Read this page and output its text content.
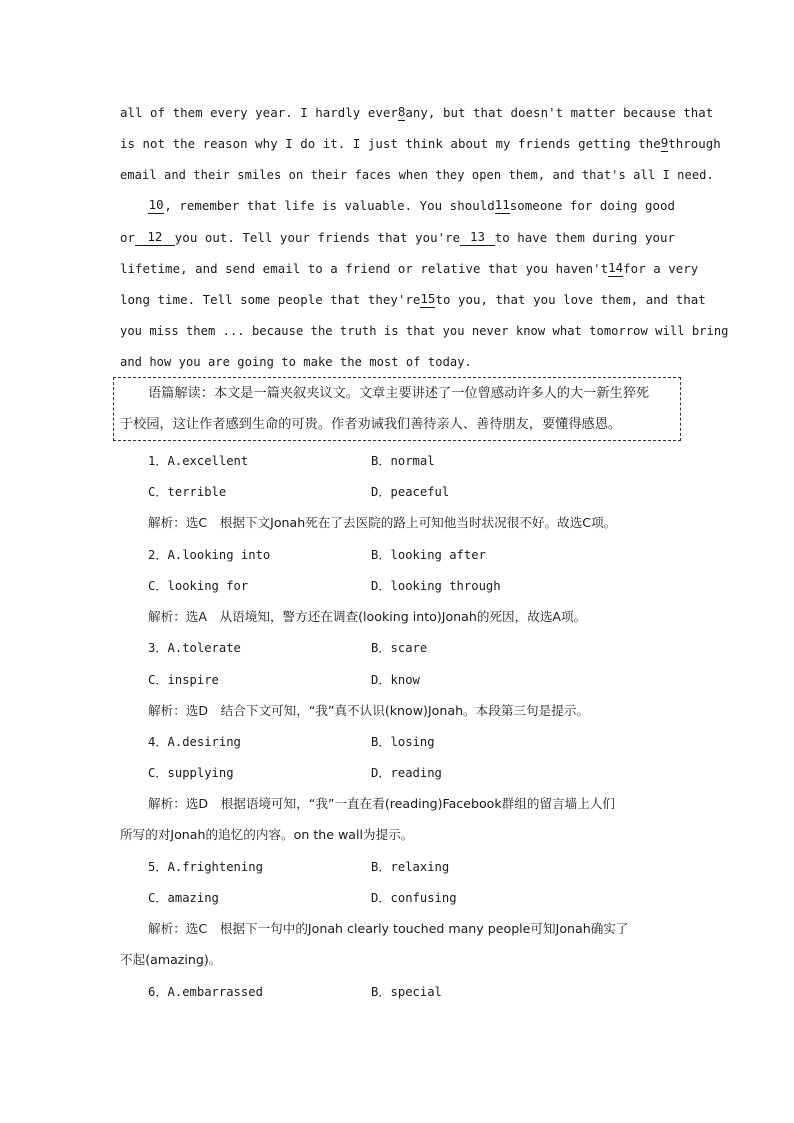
all of them every year. I hardly ever 8 any, but that doesn't matter because that
is not the reason why I do it. I just think about my friends getting the 9 through
email and their smiles on their faces when they open them, and that's all I need.
10 , remember that life is valuable. You should 11 someone for doing good
or 12 you out. Tell your friends that you're 13 to have them during your
lifetime, and send email to a friend or relative that you haven't 14 for a very
long time. Tell some people that they're 15 to you, that you love them, and that
you miss them ... because the truth is that you never know what tomorrow will bring
and how you are going to make the most of today.
语篇解读：本文是一篇夹叙夹议文。文章主要讲述了一位曾感动许多人的大一新生猝死
于校园，这让作者感到生命的可贵。作者劝诫我们善待亲人、善待朋友，要懂得感恩。
1．A.excellent	B．normal
C．terrible	D．peaceful
解析：选C　根据下文Jonah死在了去医院的路上可知他当时状况很不好。故选C项。
2．A.looking into	B．looking after
C．looking for	D．looking through
解析：选A　从语境知，警方还在调查(looking into)Jonah的死因，故选A项。
3．A.tolerate	B．scare
C．inspire	D．know
解析：选D　结合下文可知，“我”真不认识(know)Jonah。本段第三句是提示。
4．A.desiring	B．losing
C．supplying	D．reading
解析：选D　根据语境可知，“我”一直在看(reading)Facebook群组的留言墙上人们
所写的对Jonah的追忆的内容。on the wall为提示。
5．A.frightening	B．relaxing
C．amazing	D．confusing
解析：选C　根据下一句中的Jonah clearly touched many people可知Jonah确实了
不起(amazing)。
6．A.embarrassed	B．special
